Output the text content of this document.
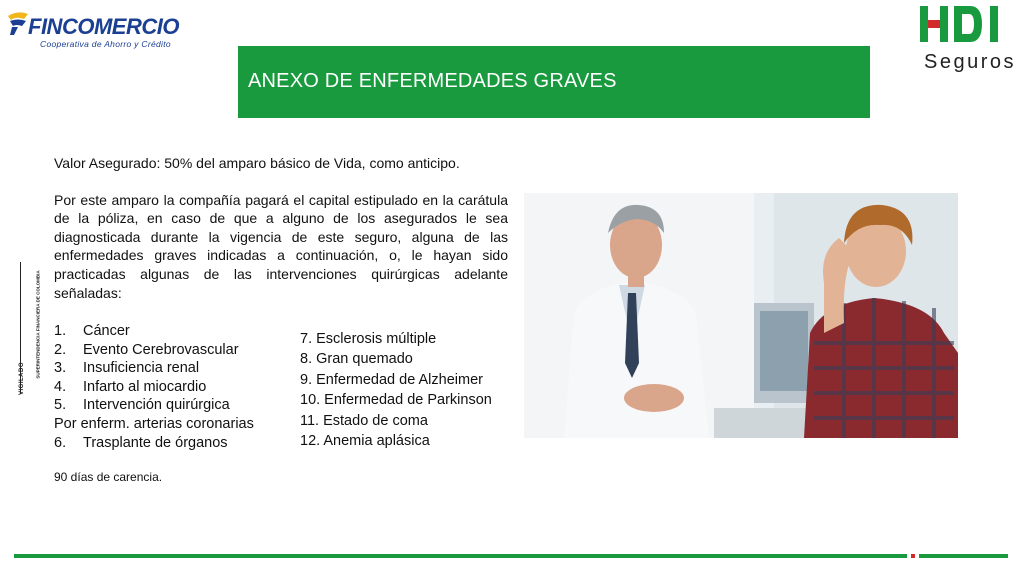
FINCOMERCIO
Cooperativa de Ahorro y Crédito
Seguros
ANEXO DE ENFERMEDADES GRAVES
VIGILADO SUPERINTENDENCIA FINANCIERA DE COLOMBIA

Valor Asegurado: 50% del amparo básico de Vida, como anticipo.

Por este amparo la compañía pagará el capital estipulado en la carátula de la póliza, en caso de que a alguno de los asegurados le sea diagnosticada durante la vigencia de este seguro, alguna de las enfermedades graves indicadas a continuación, o, le hayan sido practicadas algunas de las intervenciones quirúrgicas adelante señaladas:

1.	Cáncer
2.	Evento Cerebrovascular
3.	Insuficiencia renal
4.	Infarto al miocardio
5.	Intervención quirúrgica
Por enferm. arterias coronarias
6.	Trasplante de órganos
7. Esclerosis múltiple
8. Gran quemado
9. Enfermedad de Alzheimer
10. Enfermedad de Parkinson
11. Estado de coma
12. Anemia aplásica
90 días de carencia.
